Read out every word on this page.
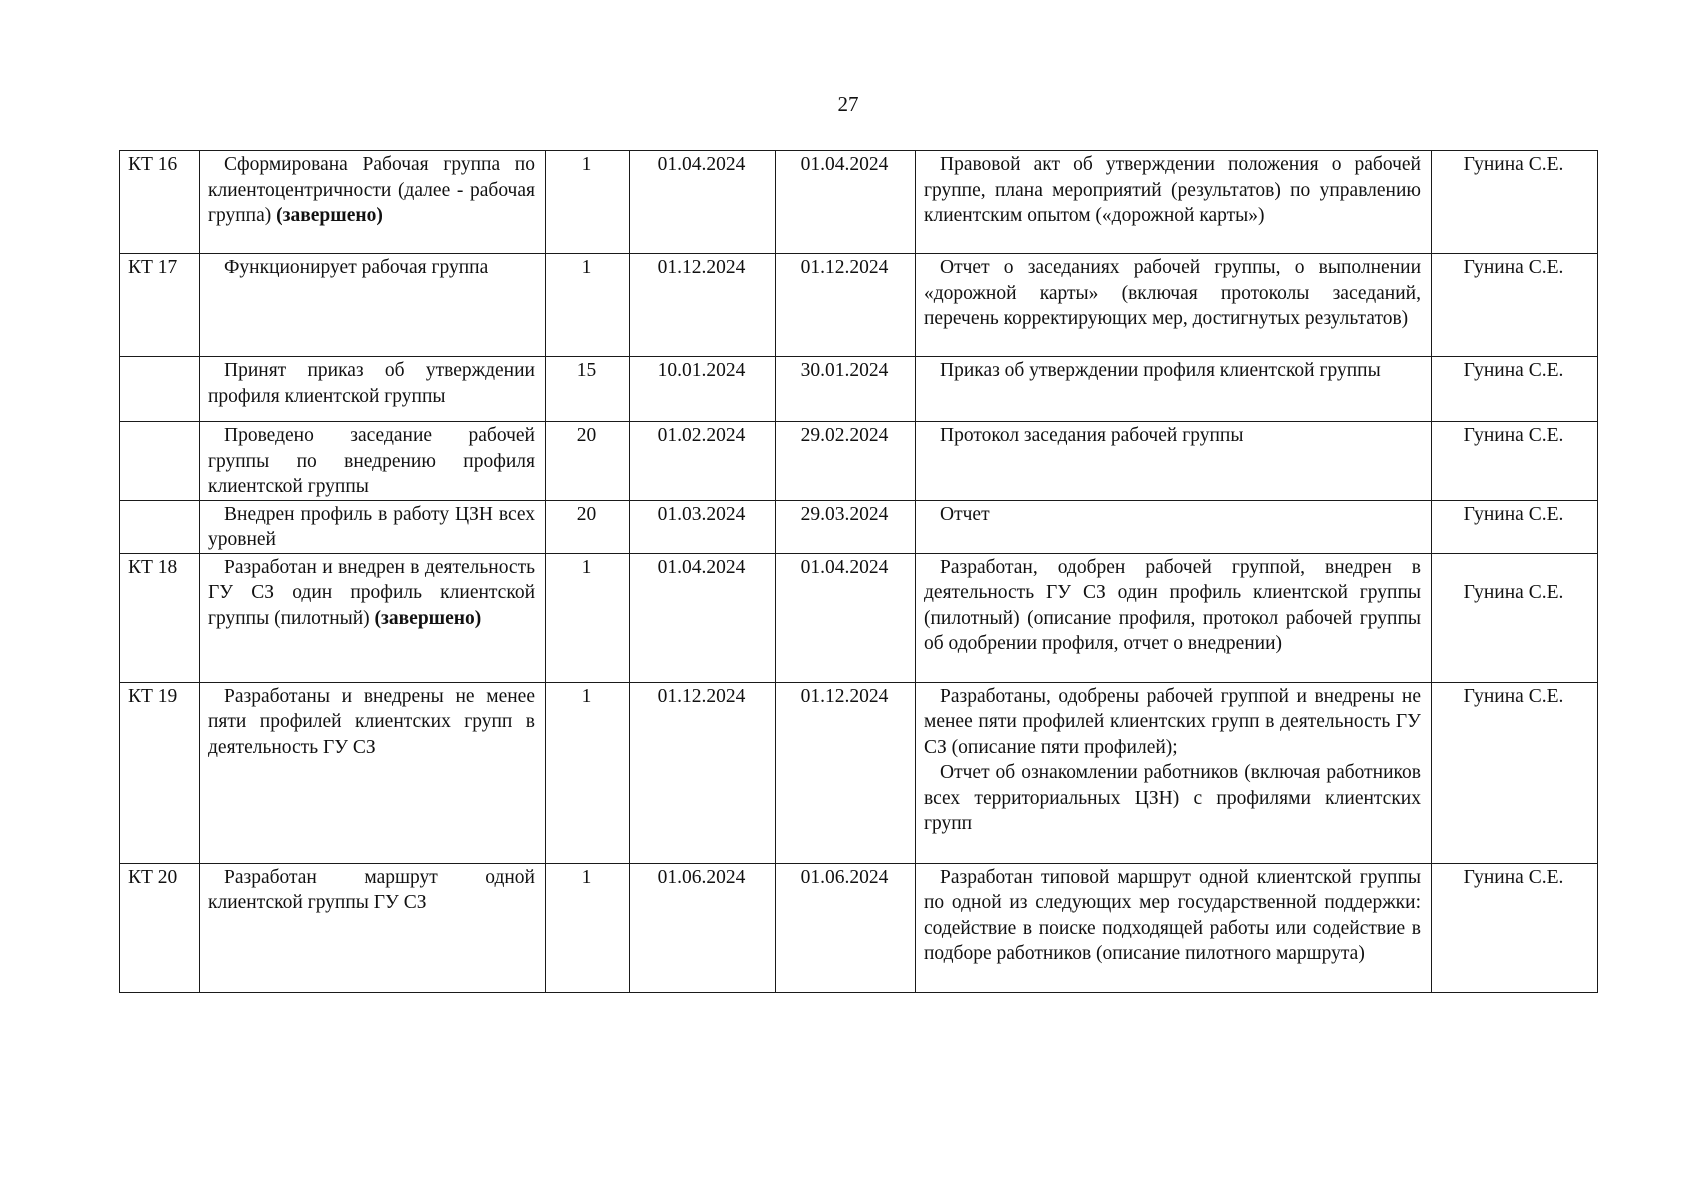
27
КТ 16	Сформирована Рабочая группа по клиентоцентричности (далее - рабочая группа) (завершено)	1	01.04.2024	01.04.2024	Правовой акт об утверждении положения о рабочей группе, плана мероприятий (результатов) по управлению клиентским опытом («дорожной карты»)	Гунина С.Е.
КТ 17	Функционирует рабочая группа	1	01.12.2024	01.12.2024	Отчет о заседаниях рабочей группы, о выполнении «дорожной карты» (включая протоколы заседаний, перечень корректирующих мер, достигнутых результатов)	Гунина С.Е.
	Принят приказ об утверждении профиля клиентской группы	15	10.01.2024	30.01.2024	Приказ об утверждении профиля клиентской группы	Гунина С.Е.
	Проведено заседание рабочей группы по внедрению профиля клиентской группы	20	01.02.2024	29.02.2024	Протокол заседания рабочей группы	Гунина С.Е.
	Внедрен профиль в работу ЦЗН всех уровней	20	01.03.2024	29.03.2024	Отчет	Гунина С.Е.
КТ 18	Разработан и внедрен в деятельность ГУ СЗ один профиль клиентской группы (пилотный) (завершено)	1	01.04.2024	01.04.2024	Разработан, одобрен рабочей группой, внедрен в деятельность ГУ СЗ один профиль клиентской группы (пилотный) (описание профиля, протокол рабочей группы об одобрении профиля, отчет о внедрении)	Гунина С.Е.
КТ 19	Разработаны и внедрены не менее пяти профилей клиентских групп в деятельность ГУ СЗ	1	01.12.2024	01.12.2024	Разработаны, одобрены рабочей группой и внедрены не менее пяти профилей клиентских групп в деятельность ГУ СЗ (описание пяти профилей);
Отчет об ознакомлении работников (включая работников всех территориальных ЦЗН) с профилями клиентских групп	Гунина С.Е.
КТ 20	Разработан маршрут одной клиентской группы ГУ СЗ	1	01.06.2024	01.06.2024	Разработан типовой маршрут одной клиентской группы по одной из следующих мер государственной поддержки: содействие в поиске подходящей работы или содействие в подборе работников (описание пилотного маршрута)	Гунина С.Е.
